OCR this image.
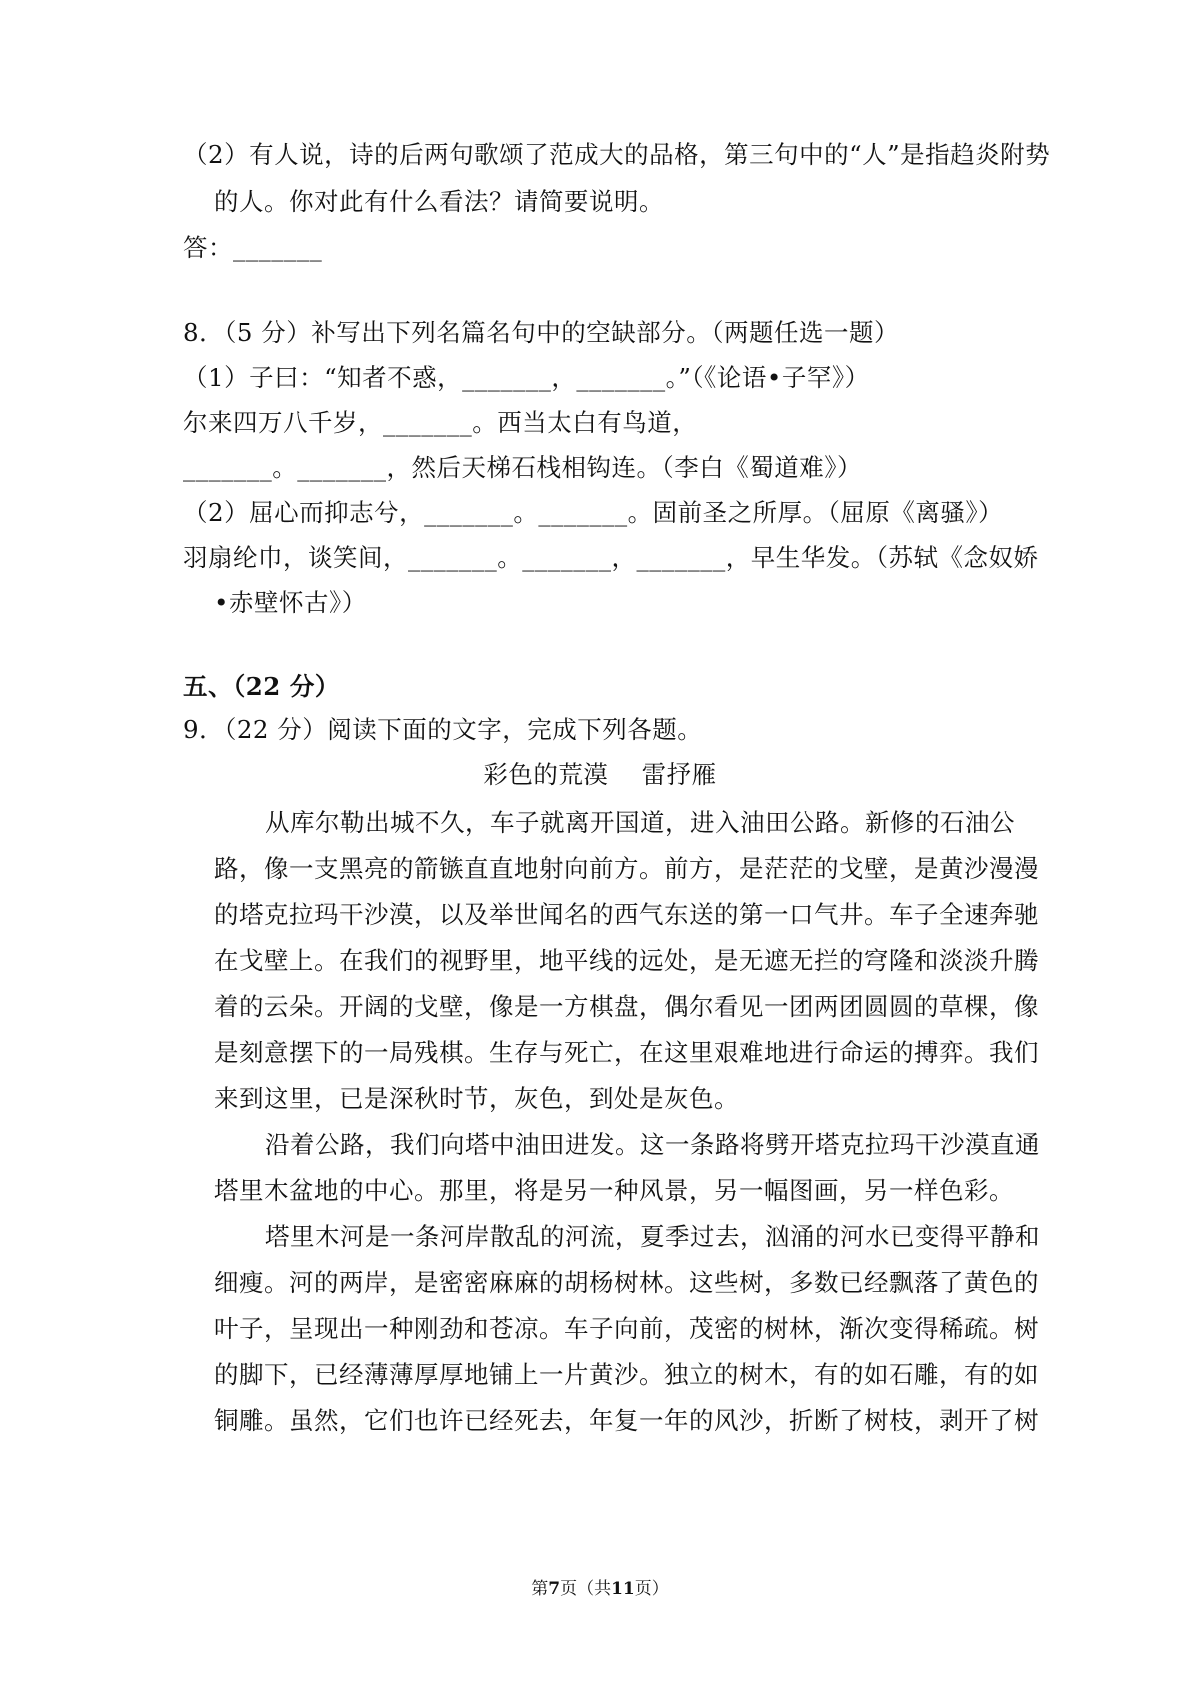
（2）有人说，诗的后两句歌颂了范成大的品格，第三句中的“人”是指趋炎附势
的人。你对此有什么看法？请简要说明。
答：_______
8．（5 分）补写出下列名篇名句中的空缺部分。（两题任选一题）
（1）子曰：“知者不惑，_______，_______。”（《论语•子罕》）
尔来四万八千岁，_______。西当太白有鸟道，
_______。_______，然后天梯石栈相钩连。（李白《蜀道难》）
（2）屈心而抑志兮，_______。_______。固前圣之所厚。（屈原《离骚》）
羽扇纶巾，谈笑间，_______。_______，_______，早生华发。（苏轼《念奴娇
•赤壁怀古》）
五、（22 分）
9．（22 分）阅读下面的文字，完成下列各题。
彩色的荒漠　 雷抒雁
从库尔勒出城不久，车子就离开国道，进入油田公路。新修的石油公
路，像一支黑亮的箭镞直直地射向前方。前方，是茫茫的戈壁，是黄沙漫漫
的塔克拉玛干沙漠，以及举世闻名的西气东送的第一口气井。车子全速奔驰
在戈壁上。在我们的视野里，地平线的远处，是无遮无拦的穹隆和淡淡升腾
着的云朵。开阔的戈壁，像是一方棋盘，偶尔看见一团两团圆圆的草棵，像
是刻意摆下的一局残棋。生存与死亡，在这里艰难地进行命运的搏弈。我们
来到这里，已是深秋时节，灰色，到处是灰色。
沿着公路，我们向塔中油田进发。这一条路将劈开塔克拉玛干沙漠直通
塔里木盆地的中心。那里，将是另一种风景，另一幅图画，另一样色彩。
塔里木河是一条河岸散乱的河流，夏季过去，汹涌的河水已变得平静和
细瘦。河的两岸，是密密麻麻的胡杨树林。这些树，多数已经飘落了黄色的
叶子，呈现出一种刚劲和苍凉。车子向前，茂密的树林，渐次变得稀疏。树
的脚下，已经薄薄厚厚地铺上一片黄沙。独立的树木，有的如石雕，有的如
铜雕。虽然，它们也许已经死去，年复一年的风沙，折断了树枝，剥开了树
第7页（共11页）
